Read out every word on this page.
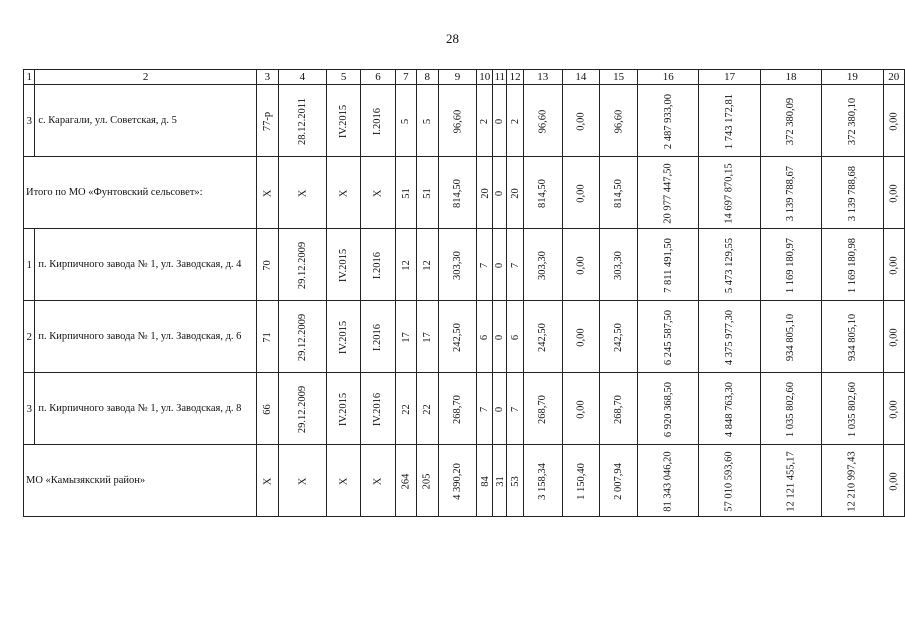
28
1	2	3	4	5	6	7	8	9	10	11	12	13	14	15	16	17	18	19	20
3	с. Карагали, ул. Советская, д. 5	77-р	28.12.2011	IV.2015	I.2016	5	5	96,60	2	0	2	96,60	0,00	96,60	2 487 933,00	1 743 172,81	372 380,09	372 380,10	0,00
Итого по МО «Фунтовский сельсовет»:		Х	Х	Х	Х	51	51	814,50	20	0	20	814,50	0,00	814,50	20 977 447,50	14 697 870,15	3 139 788,67	3 139 788,68	0,00
1	п. Кирпичного завода № 1, ул. Заводская, д. 4	70	29.12.2009	IV.2015	I.2016	12	12	303,30	7	0	7	303,30	0,00	303,30	7 811 491,50	5 473 129,55	1 169 180,97	1 169 180,98	0,00
2	п. Кирпичного завода № 1, ул. Заводская, д. 6	71	29.12.2009	IV.2015	I.2016	17	17	242,50	6	0	6	242,50	0,00	242,50	6 245 587,50	4 375 977,30	934 805,10	934 805,10	0,00
3	п. Кирпичного завода № 1, ул. Заводская, д. 8	66	29.12.2009	IV.2015	IV.2016	22	22	268,70	7	0	7	268,70	0,00	268,70	6 920 368,50	4 848 763,30	1 035 802,60	1 035 802,60	0,00
МО «Камызякский район»		Х	Х	Х	Х	264	205	4 390,20	84	31	53	3 158,34	1 150,40	2 007,94	81 343 046,20	57 010 593,60	12 121 455,17	12 210 997,43	0,00
